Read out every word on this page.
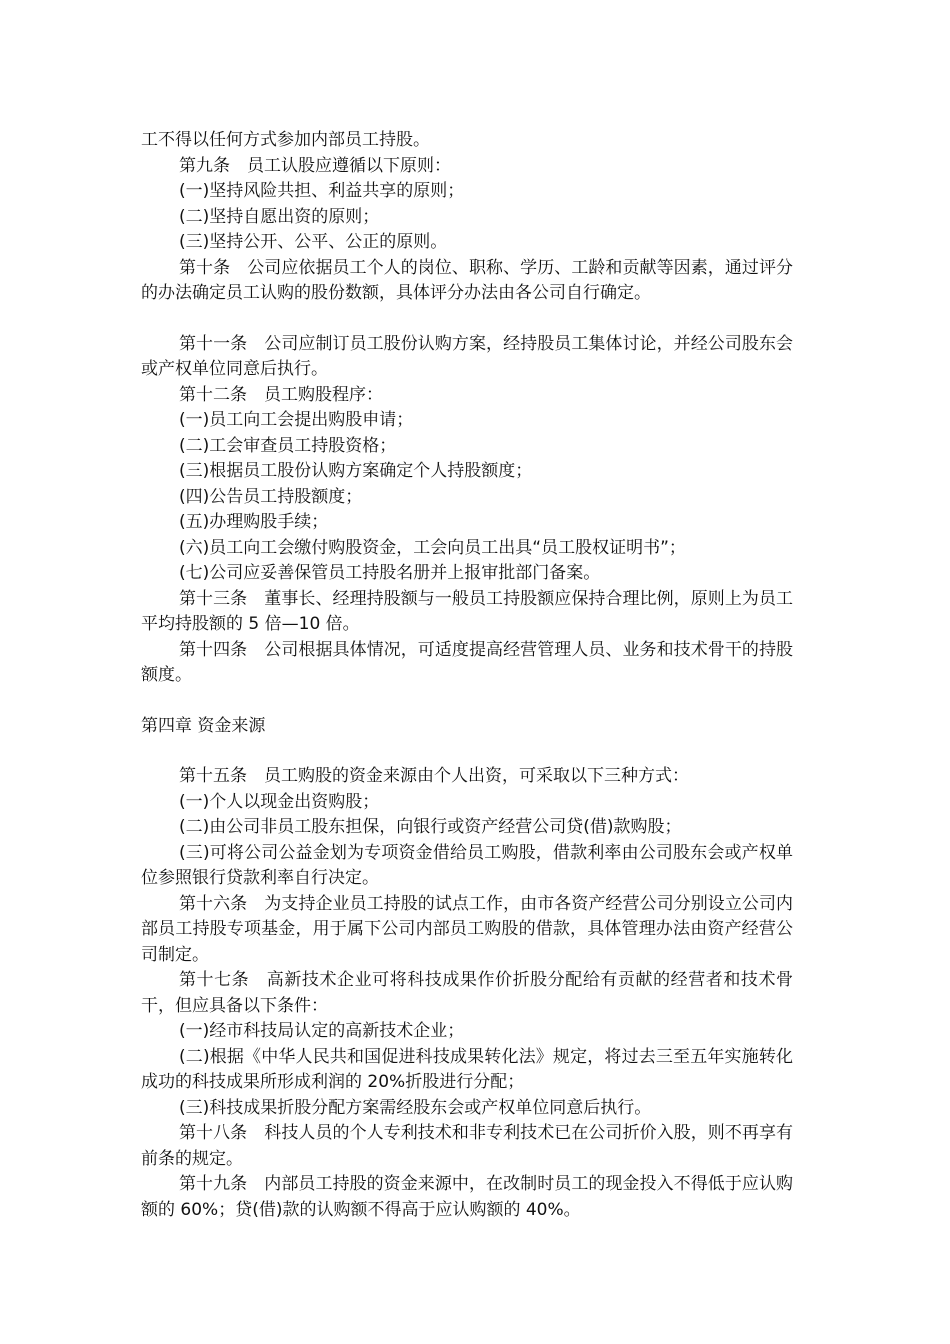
工不得以任何方式参加内部员工持股。

第九条　员工认股应遵循以下原则：

(一)坚持风险共担、利益共享的原则；

(二)坚持自愿出资的原则；

(三)坚持公开、公平、公正的原则。

第十条　公司应依据员工个人的岗位、职称、学历、工龄和贡献等因素，通过评分的办法确定员工认购的股份数额，具体评分办法由各公司自行确定。

第十一条　公司应制订员工股份认购方案，经持股员工集体讨论，并经公司股东会或产权单位同意后执行。

第十二条　员工购股程序：

(一)员工向工会提出购股申请；

(二)工会审查员工持股资格；

(三)根据员工股份认购方案确定个人持股额度；

(四)公告员工持股额度；

(五)办理购股手续；

(六)员工向工会缴付购股资金，工会向员工出具“员工股权证明书”；

(七)公司应妥善保管员工持股名册并上报审批部门备案。

第十三条　董事长、经理持股额与一般员工持股额应保持合理比例，原则上为员工平均持股额的 5 倍—10 倍。

第十四条　公司根据具体情况，可适度提高经营管理人员、业务和技术骨干的持股额度。

第四章 资金来源

第十五条　员工购股的资金来源由个人出资，可采取以下三种方式：

(一)个人以现金出资购股；

(二)由公司非员工股东担保，向银行或资产经营公司贷(借)款购股；

(三)可将公司公益金划为专项资金借给员工购股，借款利率由公司股东会或产权单位参照银行贷款利率自行决定。

第十六条　为支持企业员工持股的试点工作，由市各资产经营公司分别设立公司内部员工持股专项基金，用于属下公司内部员工购股的借款，具体管理办法由资产经营公司制定。

第十七条　高新技术企业可将科技成果作价折股分配给有贡献的经营者和技术骨干，但应具备以下条件：

(一)经市科技局认定的高新技术企业；

(二)根据《中华人民共和国促进科技成果转化法》规定，将过去三至五年实施转化成功的科技成果所形成利润的 20%折股进行分配；

(三)科技成果折股分配方案需经股东会或产权单位同意后执行。

第十八条　科技人员的个人专利技术和非专利技术已在公司折价入股，则不再享有前条的规定。

第十九条　内部员工持股的资金来源中，在改制时员工的现金投入不得低于应认购额的 60%；贷(借)款的认购额不得高于应认购额的 40%。
